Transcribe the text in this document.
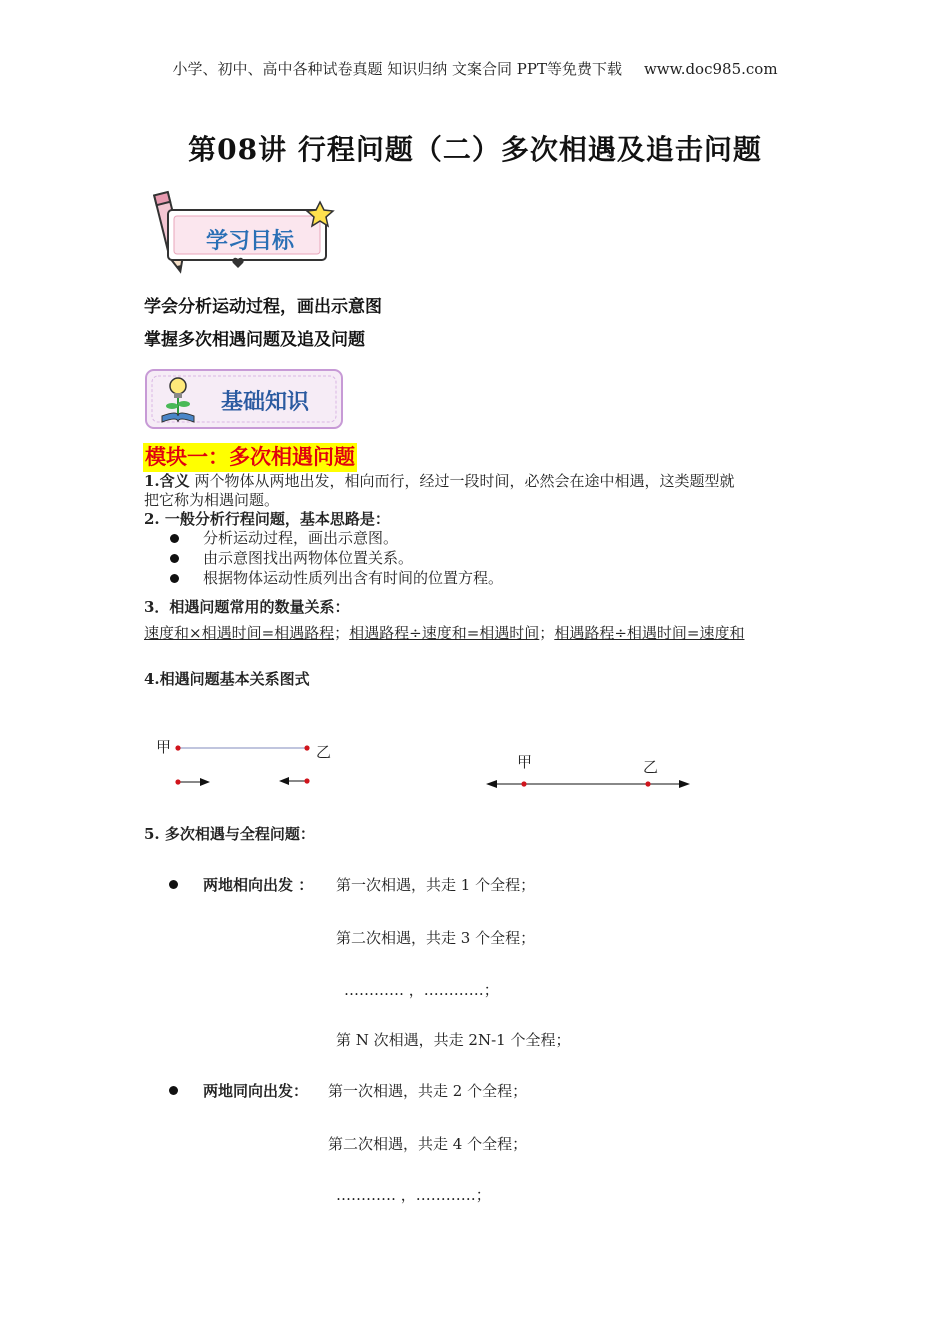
小学、初中、高中各种试卷真题 知识归纳 文案合同 PPT等免费下载 www.doc985.com
第08讲 行程问题（二）多次相遇及追击问题
学习目标
学会分析运动过程，画出示意图
掌握多次相遇问题及追及问题
基础知识
模块一：多次相遇问题
1.含义 两个物体从两地出发，相向而行，经过一段时间，必然会在途中相遇，这类题型就
把它称为相遇问题。
2. 一般分析行程问题，基本思路是：
分析运动过程，画出示意图。
由示意图找出两物体位置关系。
根据物体运动性质列出含有时间的位置方程。
3．相遇问题常用的数量关系：
速度和×相遇时间=相遇路程；相遇路程÷速度和=相遇时间；相遇路程÷相遇时间=速度和
4.相遇问题基本关系图式
甲	乙
甲	乙
5. 多次相遇与全程问题：
两地相向出发 ： 第一次相遇，共走 1 个全程；
第二次相遇，共走 3 个全程；
………… ，…………；
第 N 次相遇，共走 2N-1 个全程；
两地同向出发： 第一次相遇，共走 2 个全程；
第二次相遇，共走 4 个全程；
………… ，…………；
